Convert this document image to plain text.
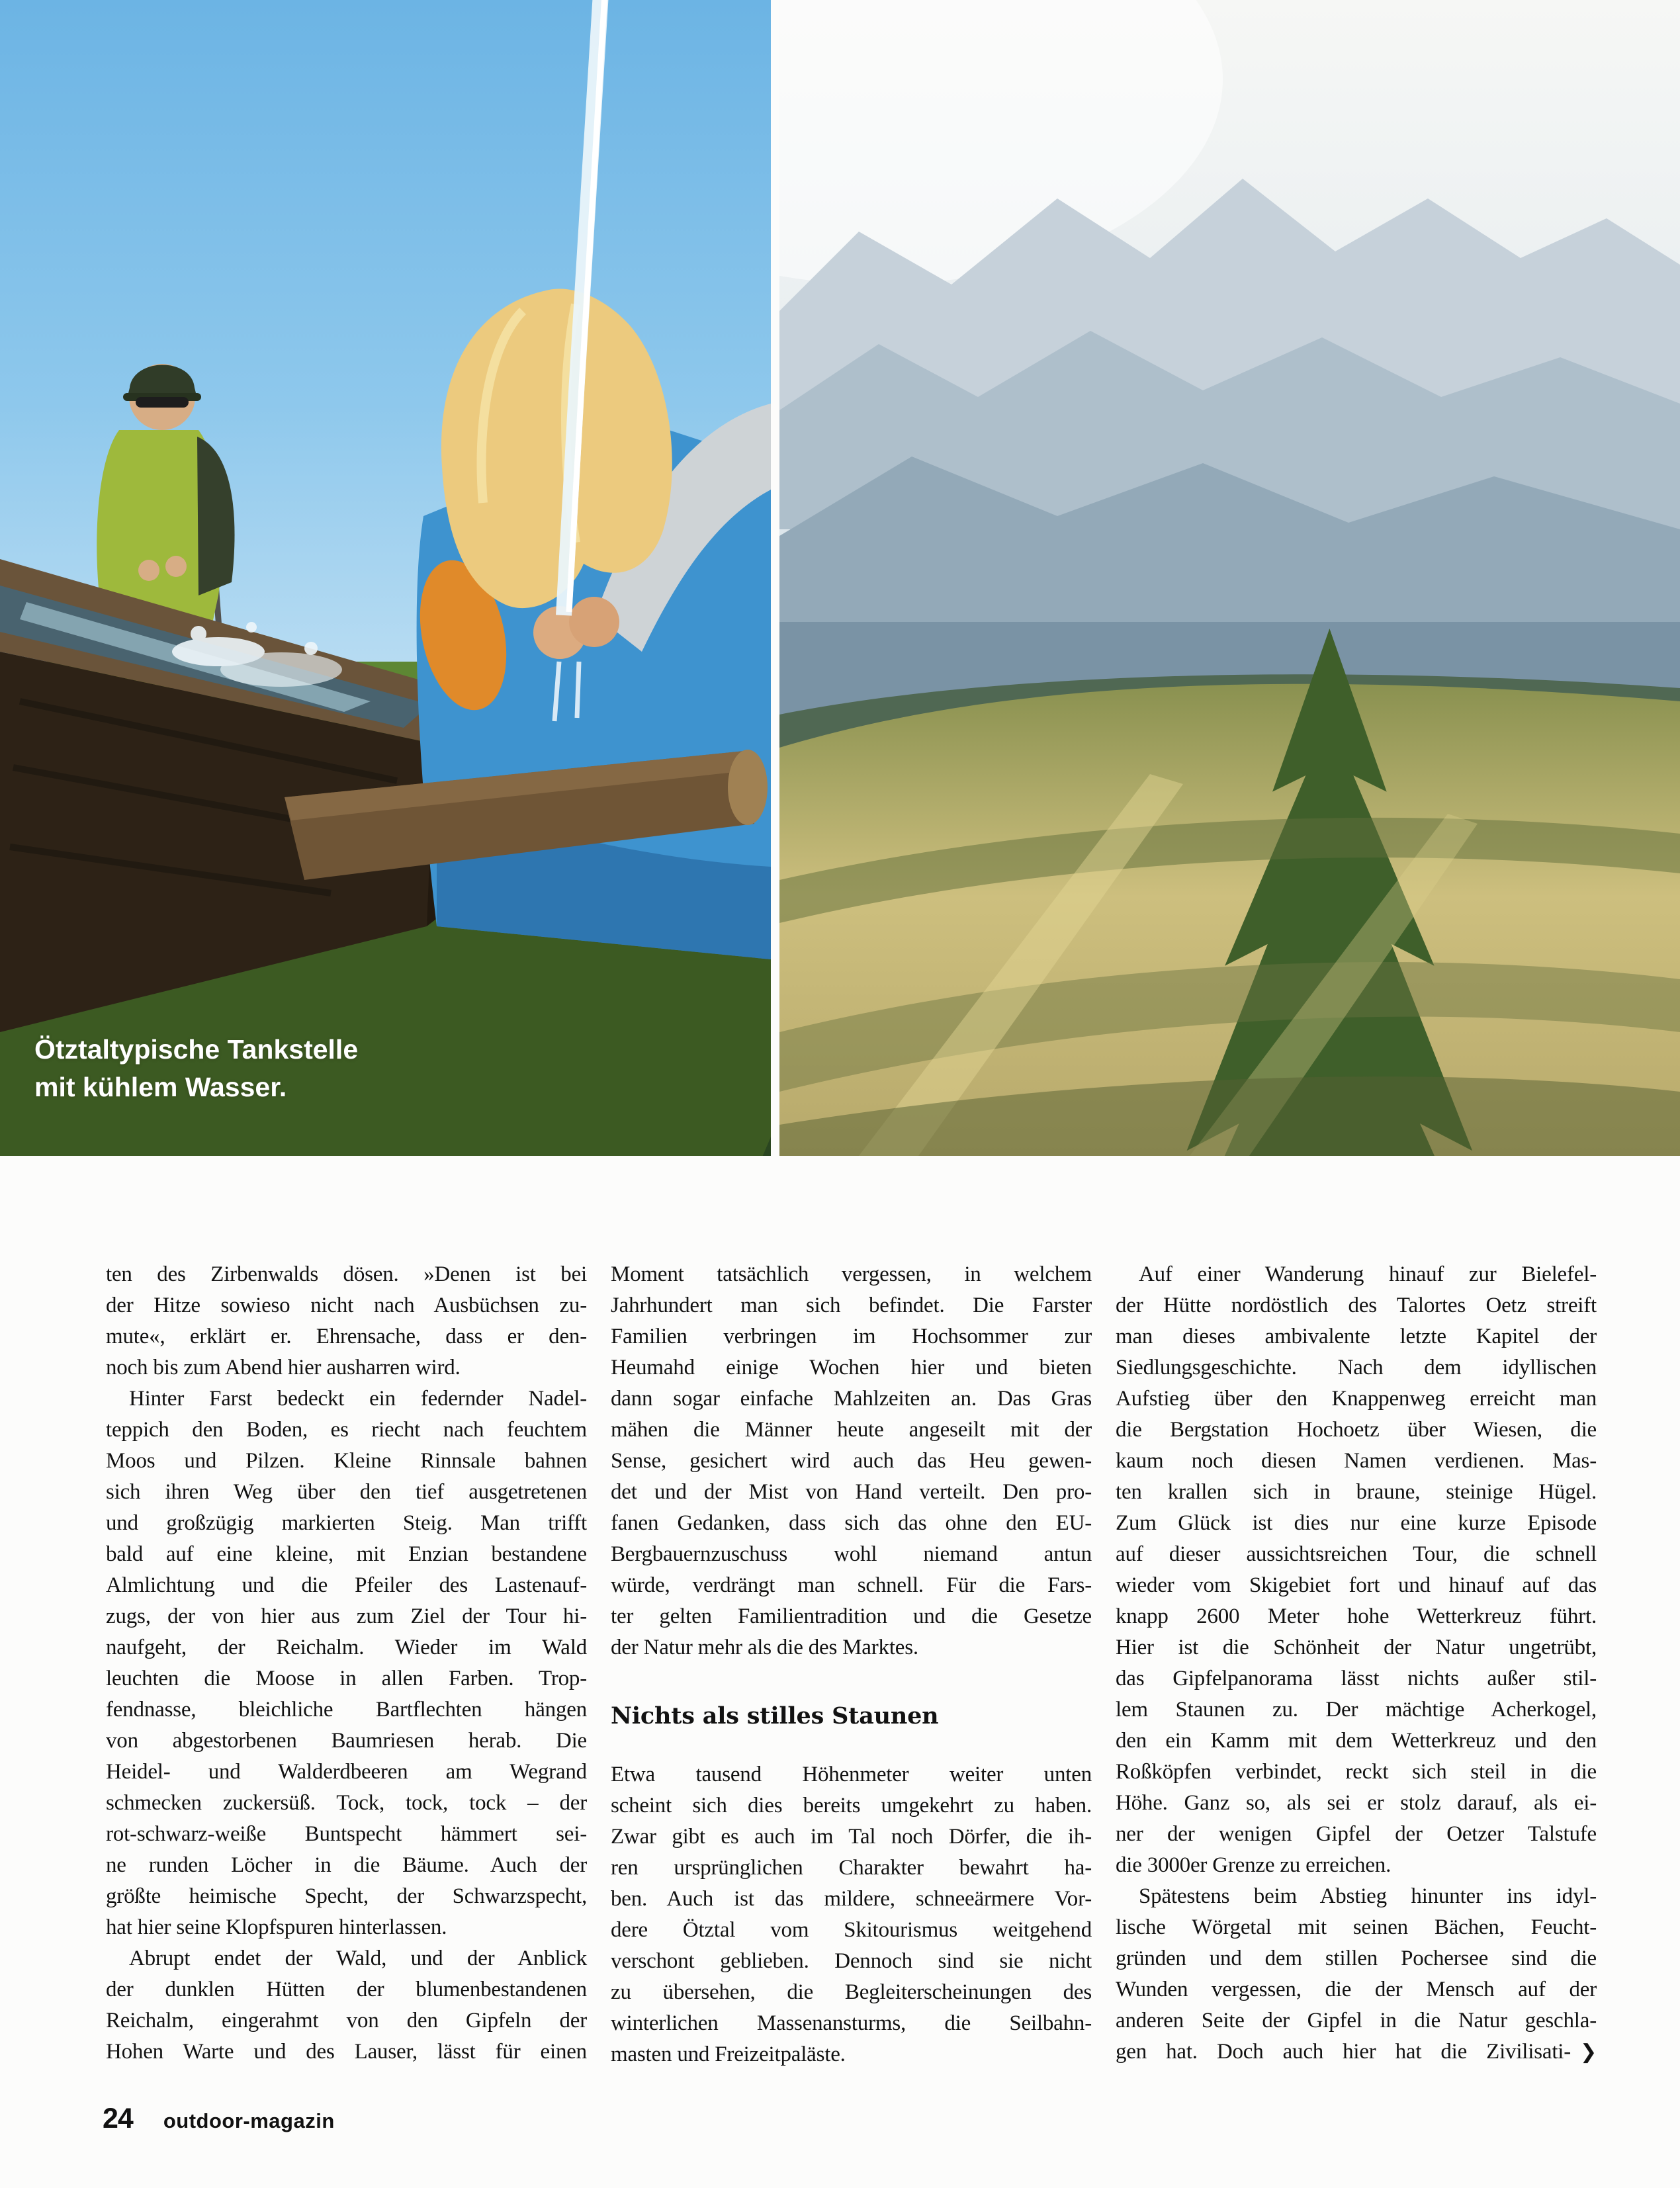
Ötztaltypische Tankstelle
mit kühlem Wasser.
ten des Zirbenwalds dösen. »Denen ist bei
der Hitze sowieso nicht nach Ausbüchsen zu-
mute«, erklärt er. Ehrensache, dass er den-
noch bis zum Abend hier ausharren wird.
Hinter Farst bedeckt ein federnder Nadel-
teppich den Boden, es riecht nach feuchtem
Moos und Pilzen. Kleine Rinnsale bahnen
sich ihren Weg über den tief ausgetretenen
und großzügig markierten Steig. Man trifft
bald auf eine kleine, mit Enzian bestandene
Almlichtung und die Pfeiler des Lastenauf-
zugs, der von hier aus zum Ziel der Tour hi-
naufgeht, der Reichalm. Wieder im Wald
leuchten die Moose in allen Farben. Trop-
fendnasse, bleichliche Bartflechten hängen
von abgestorbenen Baumriesen herab. Die
Heidel- und Walderdbeeren am Wegrand
schmecken zuckersüß. Tock, tock, tock – der
rot-schwarz-weiße Buntspecht hämmert sei-
ne runden Löcher in die Bäume. Auch der
größte heimische Specht, der Schwarzspecht,
hat hier seine Klopfspuren hinterlassen.
Abrupt endet der Wald, und der Anblick
der dunklen Hütten der blumenbestandenen
Reichalm, eingerahmt von den Gipfeln der
Hohen Warte und des Lauser, lässt für einen
Moment tatsächlich vergessen, in welchem
Jahrhundert man sich befindet. Die Farster
Familien verbringen im Hochsommer zur
Heumahd einige Wochen hier und bieten
dann sogar einfache Mahlzeiten an. Das Gras
mähen die Männer heute angeseilt mit der
Sense, gesichert wird auch das Heu gewen-
det und der Mist von Hand verteilt. Den pro-
fanen Gedanken, dass sich das ohne den EU-
Bergbauernzuschuss wohl niemand antun
würde, verdrängt man schnell. Für die Fars-
ter gelten Familientradition und die Gesetze
der Natur mehr als die des Marktes.
Nichts als stilles Staunen
Etwa tausend Höhenmeter weiter unten
scheint sich dies bereits umgekehrt zu haben.
Zwar gibt es auch im Tal noch Dörfer, die ih-
ren ursprünglichen Charakter bewahrt ha-
ben. Auch ist das mildere, schneeärmere Vor-
dere Ötztal vom Skitourismus weitgehend
verschont geblieben. Dennoch sind sie nicht
zu übersehen, die Begleiterscheinungen des
winterlichen Massenansturms, die Seilbahn-
masten und Freizeitpaläste.
Auf einer Wanderung hinauf zur Bielefel-
der Hütte nordöstlich des Talortes Oetz streift
man dieses ambivalente letzte Kapitel der
Siedlungsgeschichte. Nach dem idyllischen
Aufstieg über den Knappenweg erreicht man
die Bergstation Hochoetz über Wiesen, die
kaum noch diesen Namen verdienen. Mas-
ten krallen sich in braune, steinige Hügel.
Zum Glück ist dies nur eine kurze Episode
auf dieser aussichtsreichen Tour, die schnell
wieder vom Skigebiet fort und hinauf auf das
knapp 2600 Meter hohe Wetterkreuz führt.
Hier ist die Schönheit der Natur ungetrübt,
das Gipfelpanorama lässt nichts außer stil-
lem Staunen zu. Der mächtige Acherkogel,
den ein Kamm mit dem Wetterkreuz und den
Roßköpfen verbindet, reckt sich steil in die
Höhe. Ganz so, als sei er stolz darauf, als ei-
ner der wenigen Gipfel der Oetzer Talstufe
die 3000er Grenze zu erreichen.
Spätestens beim Abstieg hinunter ins idyl-
lische Wörgetal mit seinen Bächen, Feucht-
gründen und dem stillen Pochersee sind die
Wunden vergessen, die der Mensch auf der
anderen Seite der Gipfel in die Natur geschla-
gen hat. Doch auch hier hat die Zivilisati- ❯
24 outdoor-magazin
